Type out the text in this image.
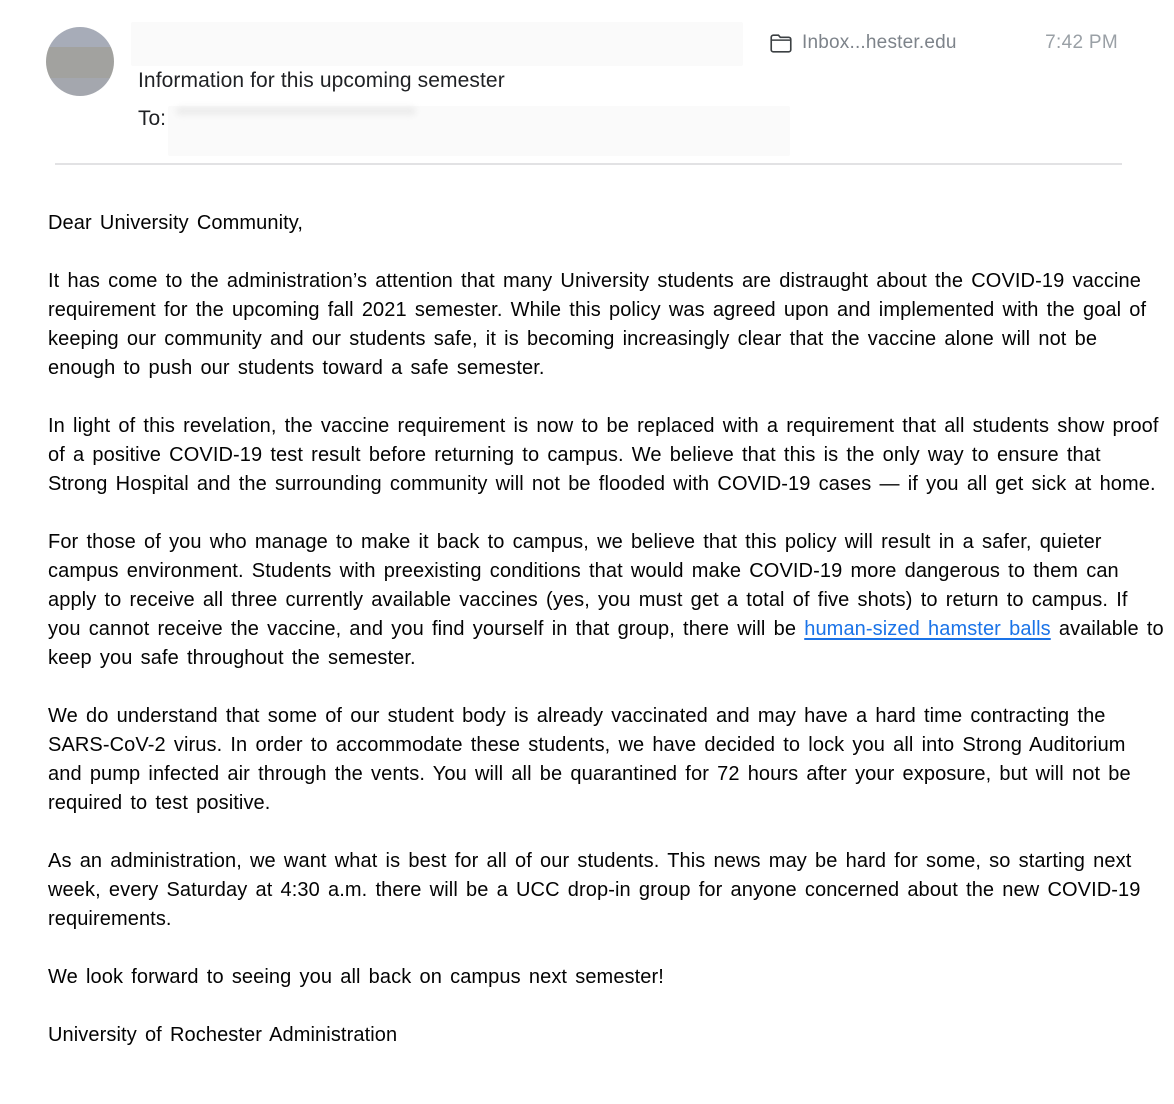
Information for this upcoming semester
To:
Inbox...hester.edu	7:42 PM

Dear University Community,

It has come to the administration’s attention that many University students are distraught about the COVID-19 vaccine requirement for the upcoming fall 2021 semester. While this policy was agreed upon and implemented with the goal of keeping our community and our students safe, it is becoming increasingly clear that the vaccine alone will not be enough to push our students toward a safe semester.

In light of this revelation, the vaccine requirement is now to be replaced with a requirement that all students show proof of a positive COVID-19 test result before returning to campus. We believe that this is the only way to ensure that Strong Hospital and the surrounding community will not be flooded with COVID-19 cases — if you all get sick at home.

For those of you who manage to make it back to campus, we believe that this policy will result in a safer, quieter campus environment. Students with preexisting conditions that would make COVID-19 more dangerous to them can apply to receive all three currently available vaccines (yes, you must get a total of five shots) to return to campus. If you cannot receive the vaccine, and you find yourself in that group, there will be human-sized hamster balls available to keep you safe throughout the semester.

We do understand that some of our student body is already vaccinated and may have a hard time contracting the SARS-CoV-2 virus. In order to accommodate these students, we have decided to lock you all into Strong Auditorium and pump infected air through the vents. You will all be quarantined for 72 hours after your exposure, but will not be required to test positive.

As an administration, we want what is best for all of our students. This news may be hard for some, so starting next week, every Saturday at 4:30 a.m. there will be a UCC drop-in group for anyone concerned about the new COVID-19 requirements.

We look forward to seeing you all back on campus next semester!

University of Rochester Administration
